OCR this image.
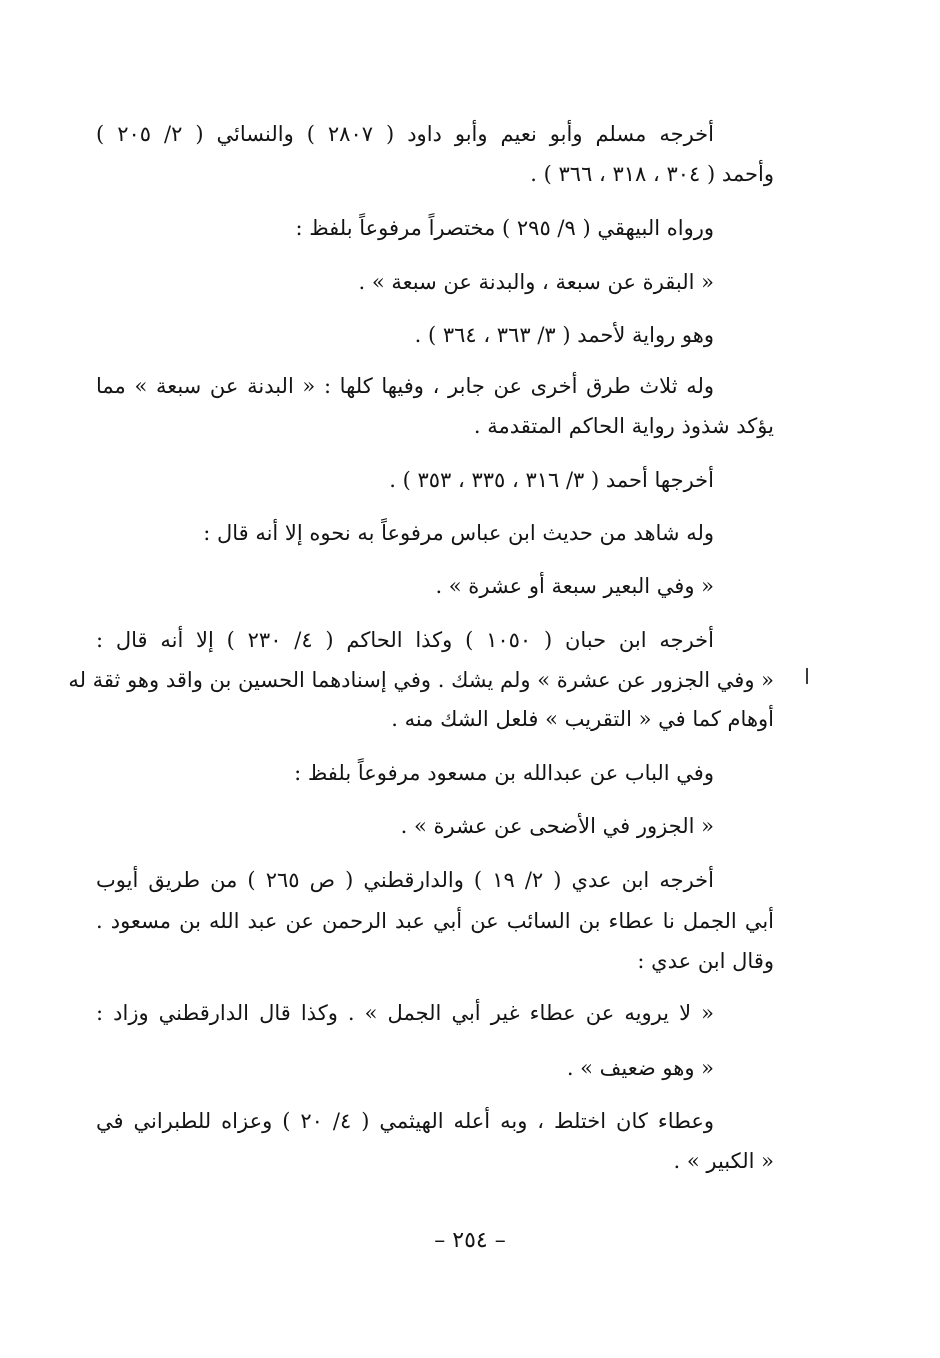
أخرجه مسلم وأبو نعيم وأبو داود ( ٢٨٠٧ ) والنسائي ( ٢/ ٢٠٥ )
وأحمد ( ٣٠٤ ، ٣١٨ ، ٣٦٦ ) .
ورواه البيهقي ( ٩/ ٢٩٥ ) مختصراً مرفوعاً بلفظ :
« البقرة عن سبعة ، والبدنة عن سبعة » .
وهو رواية لأحمد ( ٣/ ٣٦٣ ، ٣٦٤ ) .
وله ثلاث طرق أخرى عن جابر ، وفيها كلها : « البدنة عن سبعة » مما
يؤكد شذوذ رواية الحاكم المتقدمة .
أخرجها أحمد ( ٣/ ٣١٦ ، ٣٣٥ ، ٣٥٣ ) .
وله شاهد من حديث ابن عباس مرفوعاً به نحوه إلا أنه قال :
« وفي البعير سبعة أو عشرة » .
أخرجه ابن حبان ( ١٠٥٠ ) وكذا الحاكم ( ٤/ ٢٣٠ ) إلا أنه قال :
« وفي الجزور عن عشرة » ولم يشك . وفي إسنادهما الحسين بن واقد وهو ثقة له
أوهام كما في « التقريب » فلعل الشك منه .
وفي الباب عن عبدالله بن مسعود مرفوعاً بلفظ :
« الجزور في الأضحى عن عشرة » .
أخرجه ابن عدي ( ٢/ ١٩ ) والدارقطني ( ص ٢٦٥ ) من طريق أيوب
أبي الجمل نا عطاء بن السائب عن أبي عبد الرحمن عن عبد الله بن مسعود .
وقال ابن عدي :
« لا يرويه عن عطاء غير أبي الجمل » . وكذا قال الدارقطني وزاد :
« وهو ضعيف » .
وعطاء كان اختلط ، وبه أعله الهيثمي ( ٤/ ٢٠ ) وعزاه للطبراني في
« الكبير » .
– ٢٥٤ –
